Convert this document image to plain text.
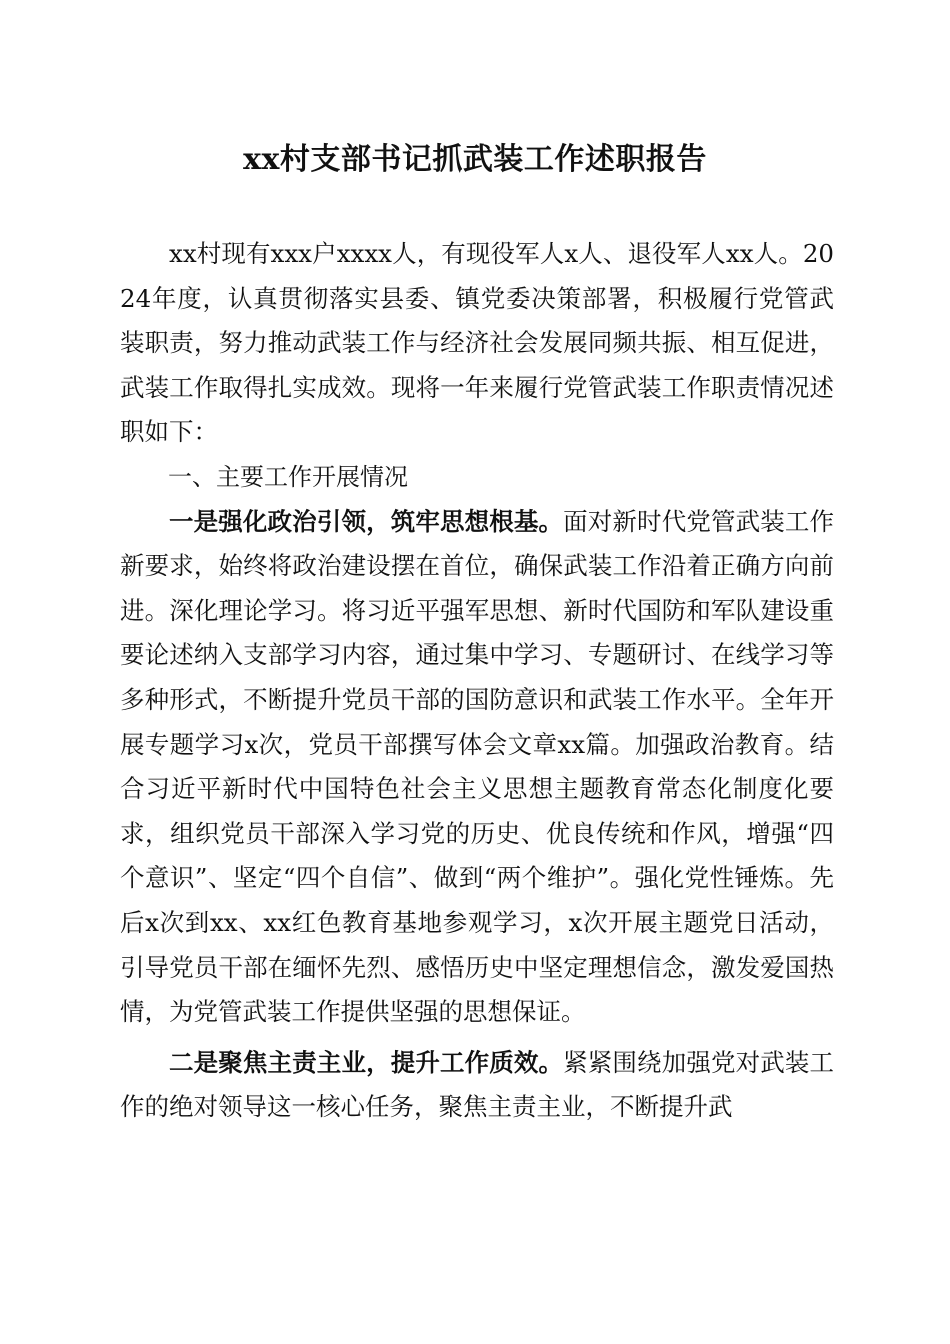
xx村支部书记抓武装工作述职报告

xx村现有xxx户xxxx人，有现役军人x人、退役军人xx人。2024年度，认真贯彻落实县委、镇党委决策部署，积极履行党管武装职责，努力推动武装工作与经济社会发展同频共振、相互促进，武装工作取得扎实成效。现将一年来履行党管武装工作职责情况述职如下：

一、主要工作开展情况

一是强化政治引领，筑牢思想根基。面对新时代党管武装工作新要求，始终将政治建设摆在首位，确保武装工作沿着正确方向前进。深化理论学习。将习近平强军思想、新时代国防和军队建设重要论述纳入支部学习内容，通过集中学习、专题研讨、在线学习等多种形式，不断提升党员干部的国防意识和武装工作水平。全年开展专题学习x次，党员干部撰写体会文章xx篇。加强政治教育。结合习近平新时代中国特色社会主义思想主题教育常态化制度化要求，组织党员干部深入学习党的历史、优良传统和作风，增强“四个意识”、坚定“四个自信”、做到“两个维护”。强化党性锤炼。先后x次到xx、xx红色教育基地参观学习，x次开展主题党日活动，引导党员干部在缅怀先烈、感悟历史中坚定理想信念，激发爱国热情，为党管武装工作提供坚强的思想保证。

二是聚焦主责主业，提升工作质效。紧紧围绕加强党对武装工作的绝对领导这一核心任务，聚焦主责主业，不断提升武
